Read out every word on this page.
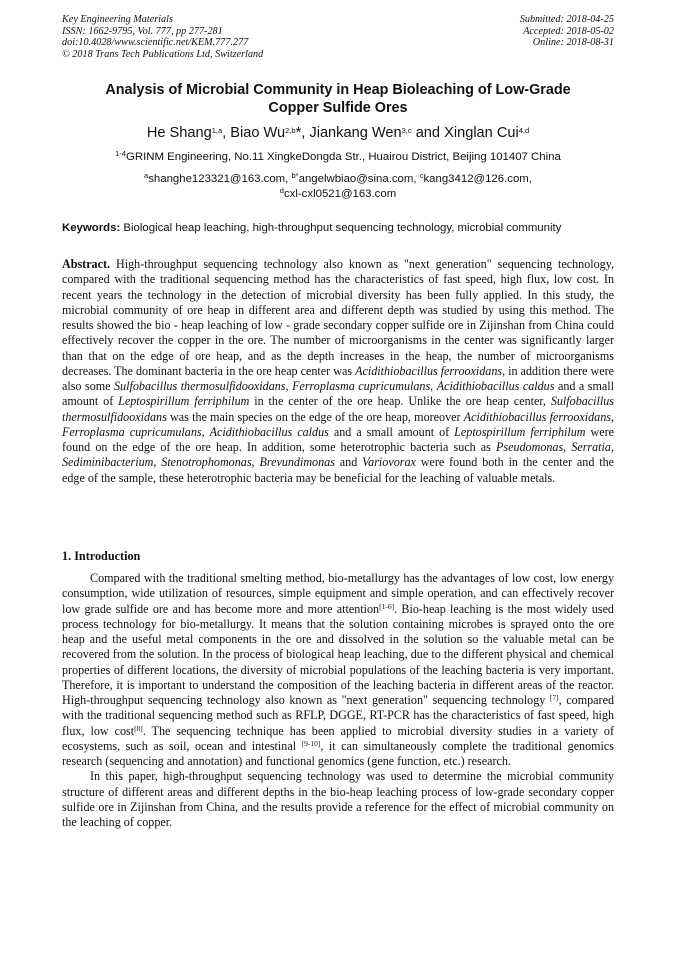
Key Engineering Materials
ISSN: 1662-9795, Vol. 777, pp 277-281
doi:10.4028/www.scientific.net/KEM.777.277
© 2018 Trans Tech Publications Ltd, Switzerland
Submitted: 2018-04-25
Accepted: 2018-05-02
Online: 2018-08-31
Analysis of Microbial Community in Heap Bioleaching of Low-Grade
Copper Sulfide Ores
He Shang$^{1,a}$, Biao Wu$^{2,b}$*, Jiankang Wen$^{3,c}$ and Xinglan Cui$^{4,d}$
$^{1-4}$GRINM Engineering, No.11 XingkeDongda Str., Huairou District, Beijing 101407 China
$^a$shanghe123321@163.com, $^{b*}$angelwbiao@sina.com, $^c$kang3412@126.com,
$^d$cxl-cxl0521@163.com
Keywords: Biological heap leaching, high-throughput sequencing technology, microbial community

Abstract. High-throughput sequencing technology also known as "next generation" sequencing technology, compared with the traditional sequencing method has the characteristics of fast speed, high flux, low cost. In recent years the technology in the detection of microbial diversity has been fully applied. In this study, the microbial community of ore heap in different area and different depth was studied by using this method. The results showed the bio - heap leaching of low - grade secondary copper sulfide ore in Zijinshan from China could effectively recover the copper in the ore. The number of microorganisms in the center was significantly larger than that on the edge of ore heap, and as the depth increases in the heap, the number of microorganisms decreases. The dominant bacteria in the ore heap center was Acidithiobacillus ferrooxidans, in addition there were also some Sulfobacillus thermosulfidooxidans, Ferroplasma cupricumulans, Acidithiobacillus caldus and a small amount of Leptospirillum ferriphilum in the center of the ore heap. Unlike the ore heap center, Sulfobacillus thermosulfidooxidans was the main species on the edge of the ore heap, moreover Acidithiobacillus ferrooxidans, Ferroplasma cupricumulans, Acidithiobacillus caldus and a small amount of Leptospirillum ferriphilum were found on the edge of the ore heap. In addition, some heterotrophic bacteria such as Pseudomonas, Serratia, Sediminibacterium, Stenotrophomonas, Brevundimonas and Variovorax were found both in the center and the edge of the sample, these heterotrophic bacteria may be beneficial for the leaching of valuable metals.

1. Introduction

Compared with the traditional smelting method, bio-metallurgy has the advantages of low cost, low energy consumption, wide utilization of resources, simple equipment and simple operation, and can effectively recover low grade sulfide ore and has become more and more attention[1-6]. Bio-heap leaching is the most widely used process technology for bio-metallurgy. It means that the solution containing microbes is sprayed onto the ore heap and the useful metal components in the ore and dissolved in the solution so the valuable metal can be recovered from the solution. In the process of biological heap leaching, due to the different physical and chemical properties of different locations, the diversity of microbial populations of the leaching bacteria is very important. Therefore, it is important to understand the composition of the leaching bacteria in different areas of the reactor. High-throughput sequencing technology also known as "next generation" sequencing technology [7], compared with the traditional sequencing method such as RFLP, DGGE, RT-PCR has the characteristics of fast speed, high flux, low cost[8]. The sequencing technique has been applied to microbial diversity studies in a variety of ecosystems, such as soil, ocean and intestinal [9-10], it can simultaneously complete the traditional genomics research (sequencing and annotation) and functional genomics (gene function, etc.) research.

In this paper, high-throughput sequencing technology was used to determine the microbial community structure of different areas and different depths in the bio-heap leaching process of low-grade secondary copper sulfide ore in Zijinshan from China, and the results provide a reference for the effect of microbial community on the leaching of copper.
